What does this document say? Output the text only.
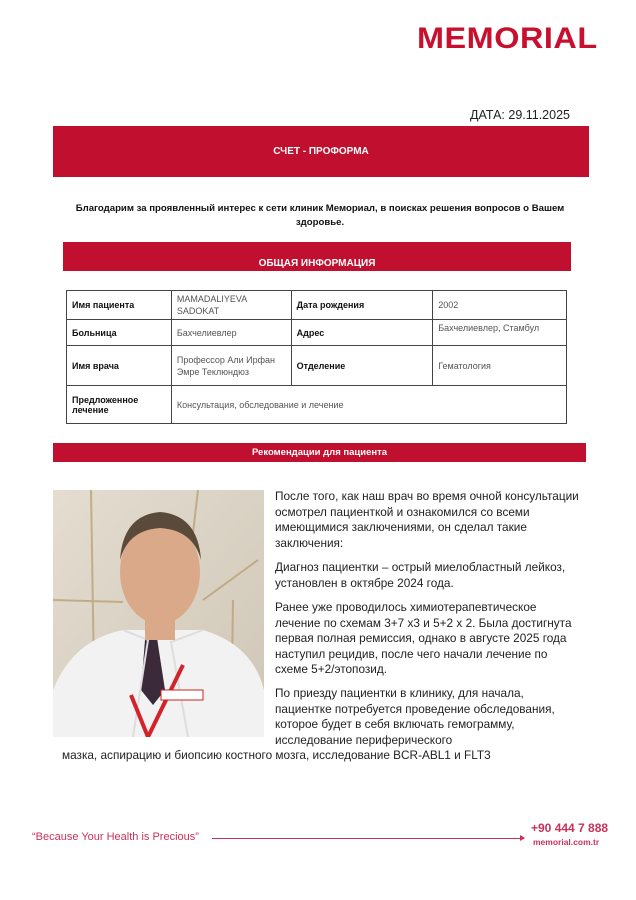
MEMORIAL
ДАТА: 29.11.2025
СЧЕТ - ПРОФОРМА
Благодарим за проявленный интерес к сети клиник Мемориал, в поисках решения вопросов о Вашем здоровье.
ОБЩАЯ ИНФОРМАЦИЯ
Имя пациента	MAMADALIYEVA SADOKAT	Дата рождения	2002
Больница	Бахчелиевлер	Адрес	Бахчелиевлер, Стамбул
Имя врача	Профессор Али Ирфан Эмре Теклюндюз	Отделение	Гематология
Предложенное лечение	Консультация, обследование и лечение		
Рекомендации для пациента
После того, как наш врач во время очной консультации осмотрел пациенткой и ознакомился со всеми имеющимися заключениями, он сделал такие заключения:
Диагноз пациентки – острый миелобластный лейкоз, установлен в октябре 2024 года.
Ранее уже проводилось химиотерапевтическое лечение по схемам 3+7 x3 и 5+2 x 2. Была достигнута первая полная ремиссия, однако в августе 2025 года наступил рецидив, после чего начали лечение по схеме 5+2/этопозид.
По приезду пациентки в клинику, для начала, пациентке потребуется проведение обследования, которое будет в себя включать гемограмму, исследование периферического
мазка, аспирацию и биопсию костного мозга, исследование BCR-ABL1 и FLT3
“Because Your Health is Precious”
+90 444 7 888
memorial.com.tr
